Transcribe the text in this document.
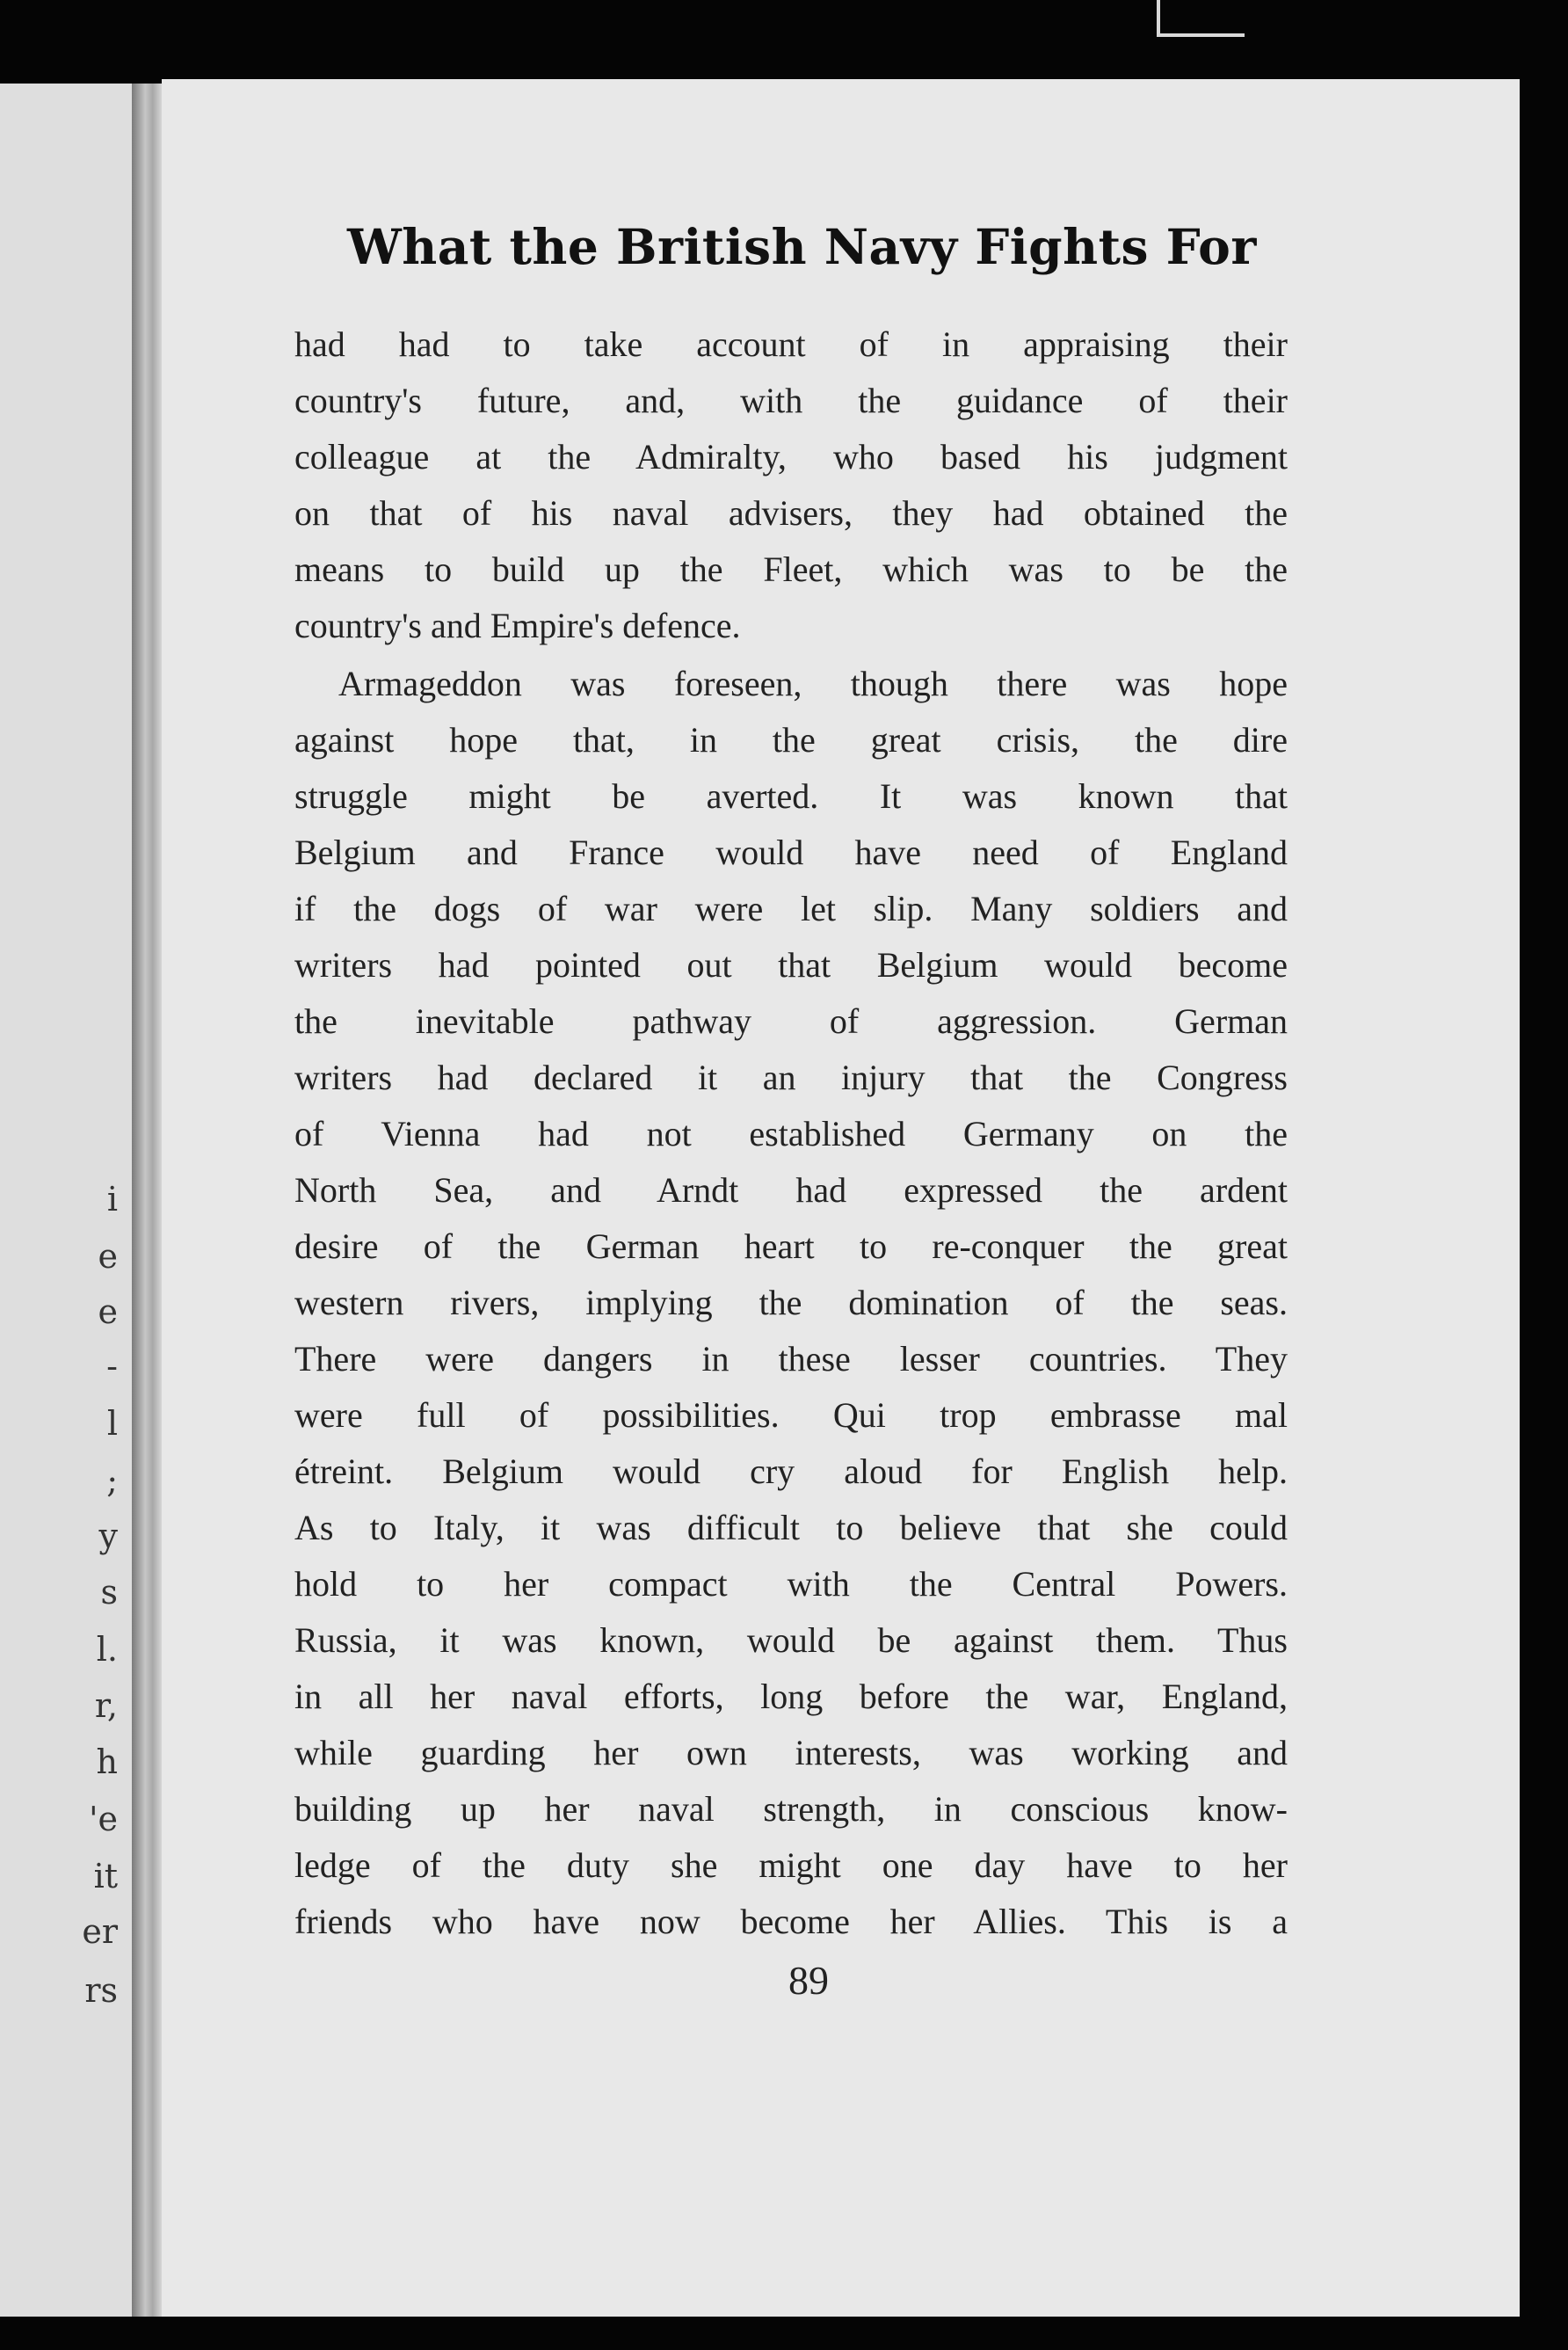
i
e
e
-
l
;
y
s
l.
r,
h
'e
it
er
rs
What the British Navy Fights For
had had to take account of in appraising their
country's future, and, with the guidance of their
colleague at the Admiralty, who based his judgment
on that of his naval advisers, they had obtained the
means to build up the Fleet, which was to be the
country's and Empire's defence.
Armageddon was foreseen, though there was hope
against hope that, in the great crisis, the dire
struggle might be averted. It was known that
Belgium and France would have need of England
if the dogs of war were let slip. Many soldiers and
writers had pointed out that Belgium would become
the inevitable pathway of aggression. German
writers had declared it an injury that the Congress
of Vienna had not established Germany on the
North Sea, and Arndt had expressed the ardent
desire of the German heart to re-conquer the great
western rivers, implying the domination of the seas.
There were dangers in these lesser countries. They
were full of possibilities. Qui trop embrasse mal
étreint. Belgium would cry aloud for English help.
As to Italy, it was difficult to believe that she could
hold to her compact with the Central Powers.
Russia, it was known, would be against them. Thus
in all her naval efforts, long before the war, England,
while guarding her own interests, was working and
building up her naval strength, in conscious know-
ledge of the duty she might one day have to her
friends who have now become her Allies. This is a
89
